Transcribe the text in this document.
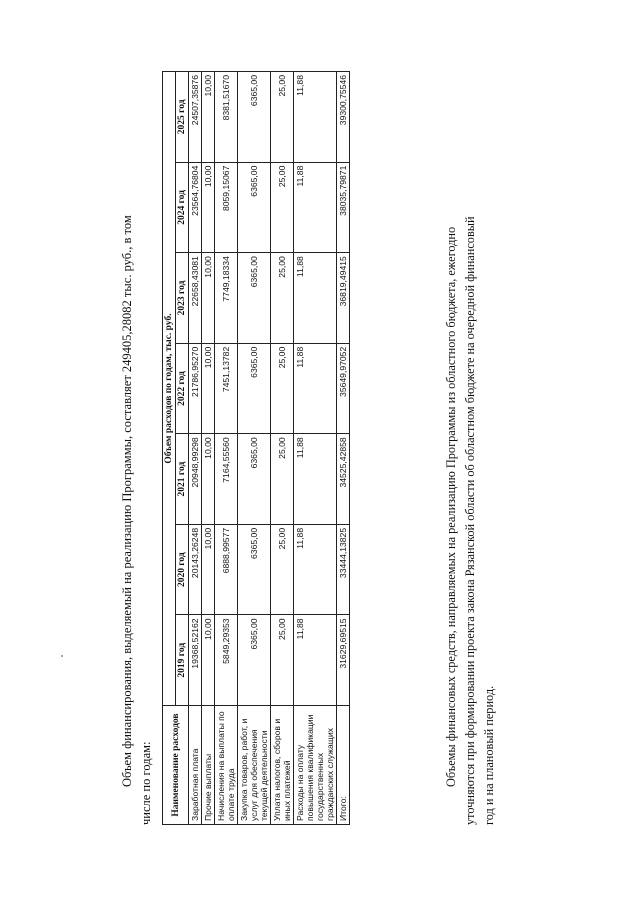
Объем финансирования, выделяемый на реализацию Программы, составляет 249405,28082 тыс. руб., в том числе по годам:	Наименование расходов	Объем расходов по годам, тыс. руб.						
	2019 год	2020 год	2021 год	2022 год	2023 год	2024 год	2025 год
Заработная плата	19368,52162	20143,26248	20948,99298	21786,95270	22658,43081	23564,76804	24507,35876
Прочие выплаты	10,00	10,00	10,00	10,00	10,00	10,00	10,00
Начисления на выплаты по оплате труда	5849,29353	6888,99577	7164,55560	7451,13782	7749,18334	8059,15067	8381,51670
Закупка товаров, работ, и услуг для обеспечения текущей деятельности	6365,00	6365,00	6365,00	6365,00	6365,00	6365,00	6365,00
Уплата налогов, сборов и иных платежей	25,00	25,00	25,00	25,00	25,00	25,00	25,00
Расходы на оплату повышения квалификации государственных гражданских служащих	11,88	11,88	11,88	11,88	11,88	11,88	11,88
Итого:	31629,69515	33444,13825	34525,42858	35649,97052	36819,49415	38035,79871	39300,75546
Объемы финансовых средств, направляемых на реализацию Программы из областного бюджета, ежегодно уточняются при формировании проекта закона Рязанской области об областном бюджете на очередной финансовый год и на плановый период.
